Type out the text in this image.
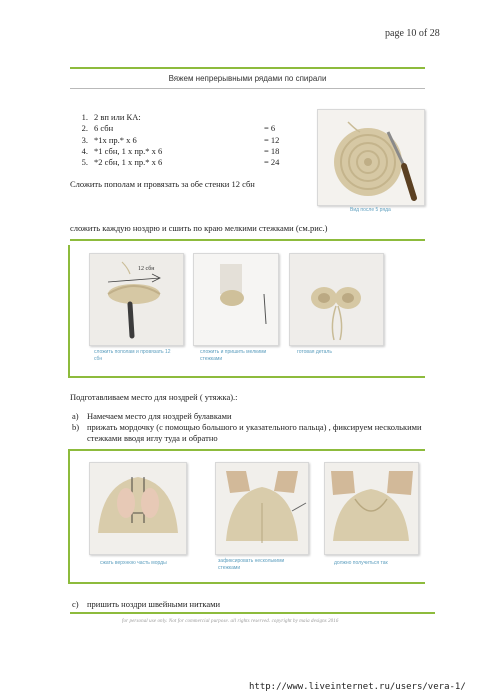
page 10 of 28
Вяжем непрерывными рядами по спирали
1. 2 вп или КА:
2. 6 сбн	= 6
3. *1х пр.* х 6	= 12
4. *1 сбн, 1 х пр.* х 6	= 18
5. *2 сбн, 1 х пр.* х 6	= 24
Сложить пополам и провязать за обе стенки 12 сбн
Вид после 5 ряда
сложить каждую ноздрю и сшить по краю мелкими стежками (см.рис.)
12 сбн
сложить пополам и провязать 12 сбн
сложить и пришить мелкими стежками
готовая деталь
Подготавливаем место для ноздрей ( утяжка).:
a) Намечаем место для ноздрей булавками
b) прижать мордочку (с помощью большого и указательного пальца) , фиксируем несколькими стежками вводя иглу туда и обратно
сжать верхнюю часть морды	зафиксировать несколькими стежками
должно получиться так
c) пришить ноздри швейными нитками
for personal use only. Not for commercial purpose. all rights reserved. copyright by maia designs 2016
http://www.liveinternet.ru/users/vera-1/
